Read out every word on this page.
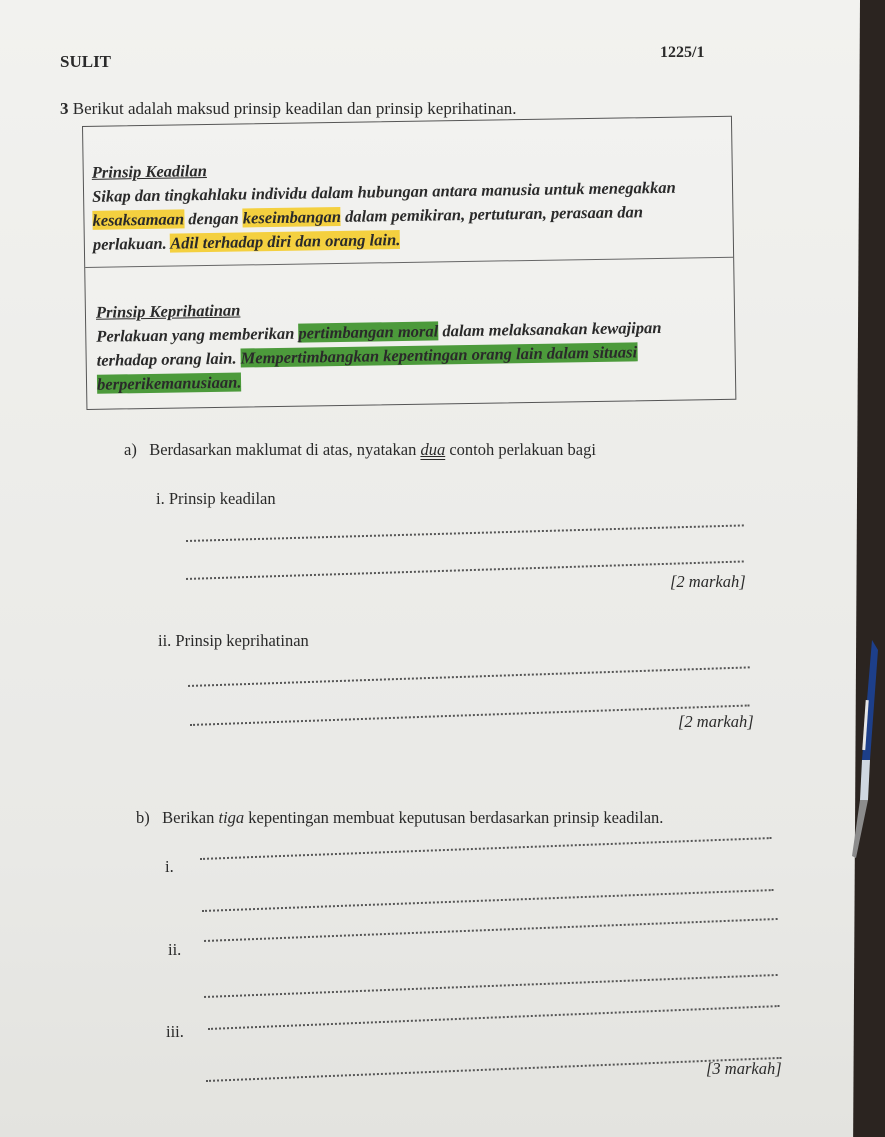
SULIT	1225/1
3 Berikut adalah maksud prinsip keadilan dan prinsip keprihatinan.

Prinsip Keadilan

Sikap dan tingkahlaku individu dalam hubungan antara manusia untuk menegakkan

kesaksamaan dengan keseimbangan dalam pemikiran, pertuturan, perasaan dan

perlakuan. Adil terhadap diri dan orang lain.

Prinsip Keprihatinan

Perlakuan yang memberikan pertimbangan moral dalam melaksanakan kewajipan

terhadap orang lain. Mempertimbangkan kepentingan orang lain dalam situasi

berperikemanusiaan.

a) Berdasarkan maklumat di atas, nyatakan dua contoh perlakuan bagi
i. Prinsip keadilan
[2 markah]
ii. Prinsip keprihatinan
[2 markah]
b) Berikan tiga kepentingan membuat keputusan berdasarkan prinsip keadilan.
i.
ii.
iii.
[3 markah]
